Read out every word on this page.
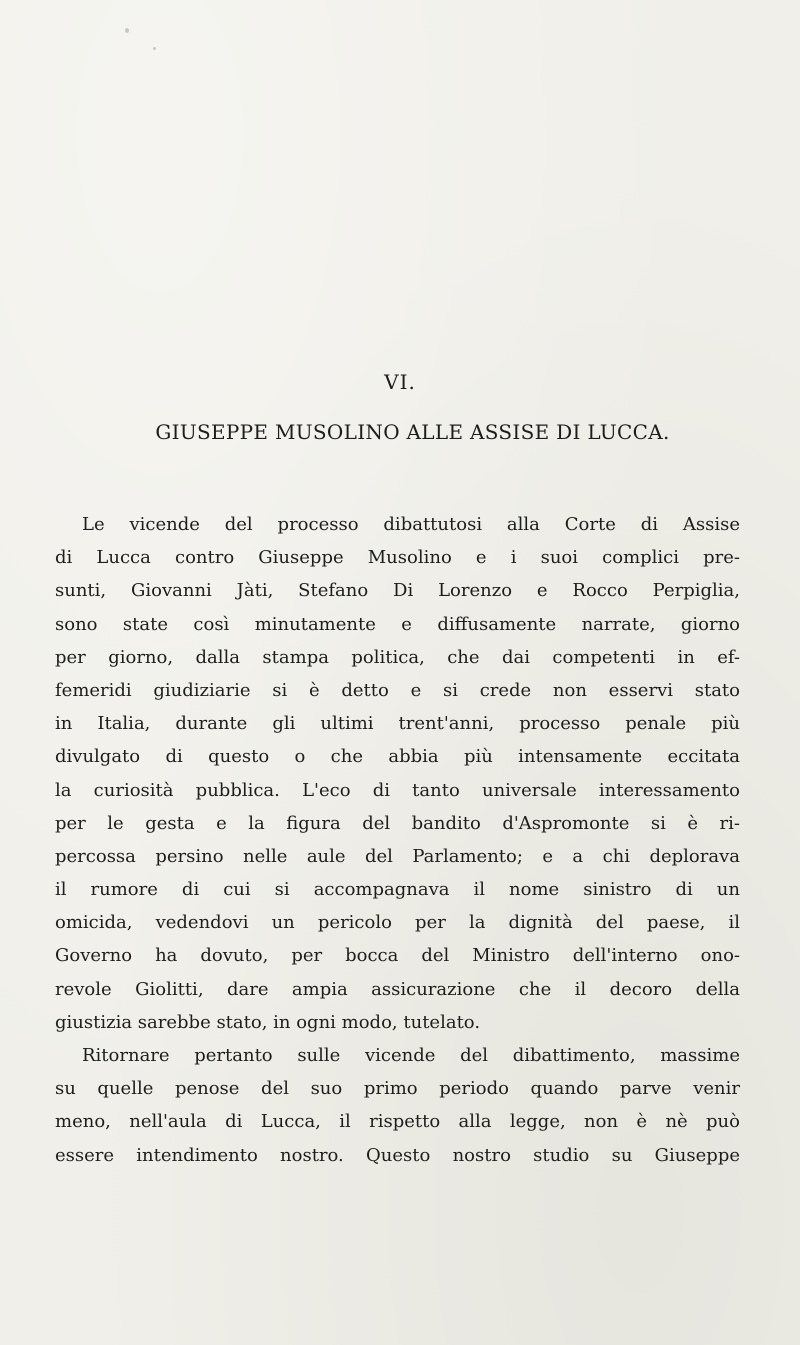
VI.
GIUSEPPE MUSOLINO ALLE ASSISE DI LUCCA.
Le vicende del processo dibattutosi alla Corte di Assise
di Lucca contro Giuseppe Musolino e i suoi complici pre-
sunti, Giovanni Jàti, Stefano Di Lorenzo e Rocco Perpiglia,
sono state così minutamente e diffusamente narrate, giorno
per giorno, dalla stampa politica, che dai competenti in ef-
femeridi giudiziarie si è detto e si crede non esservi stato
in Italia, durante gli ultimi trent'anni, processo penale più
divulgato di questo o che abbia più intensamente eccitata
la curiosità pubblica. L'eco di tanto universale interessamento
per le gesta e la figura del bandito d'Aspromonte si è ri-
percossa persino nelle aule del Parlamento; e a chi deplorava
il rumore di cui si accompagnava il nome sinistro di un
omicida, vedendovi un pericolo per la dignità del paese, il
Governo ha dovuto, per bocca del Ministro dell'interno ono-
revole Giolitti, dare ampia assicurazione che il decoro della
giustizia sarebbe stato, in ogni modo, tutelato.
Ritornare pertanto sulle vicende del dibattimento, massime
su quelle penose del suo primo periodo quando parve venir
meno, nell'aula di Lucca, il rispetto alla legge, non è nè può
essere intendimento nostro. Questo nostro studio su Giuseppe
